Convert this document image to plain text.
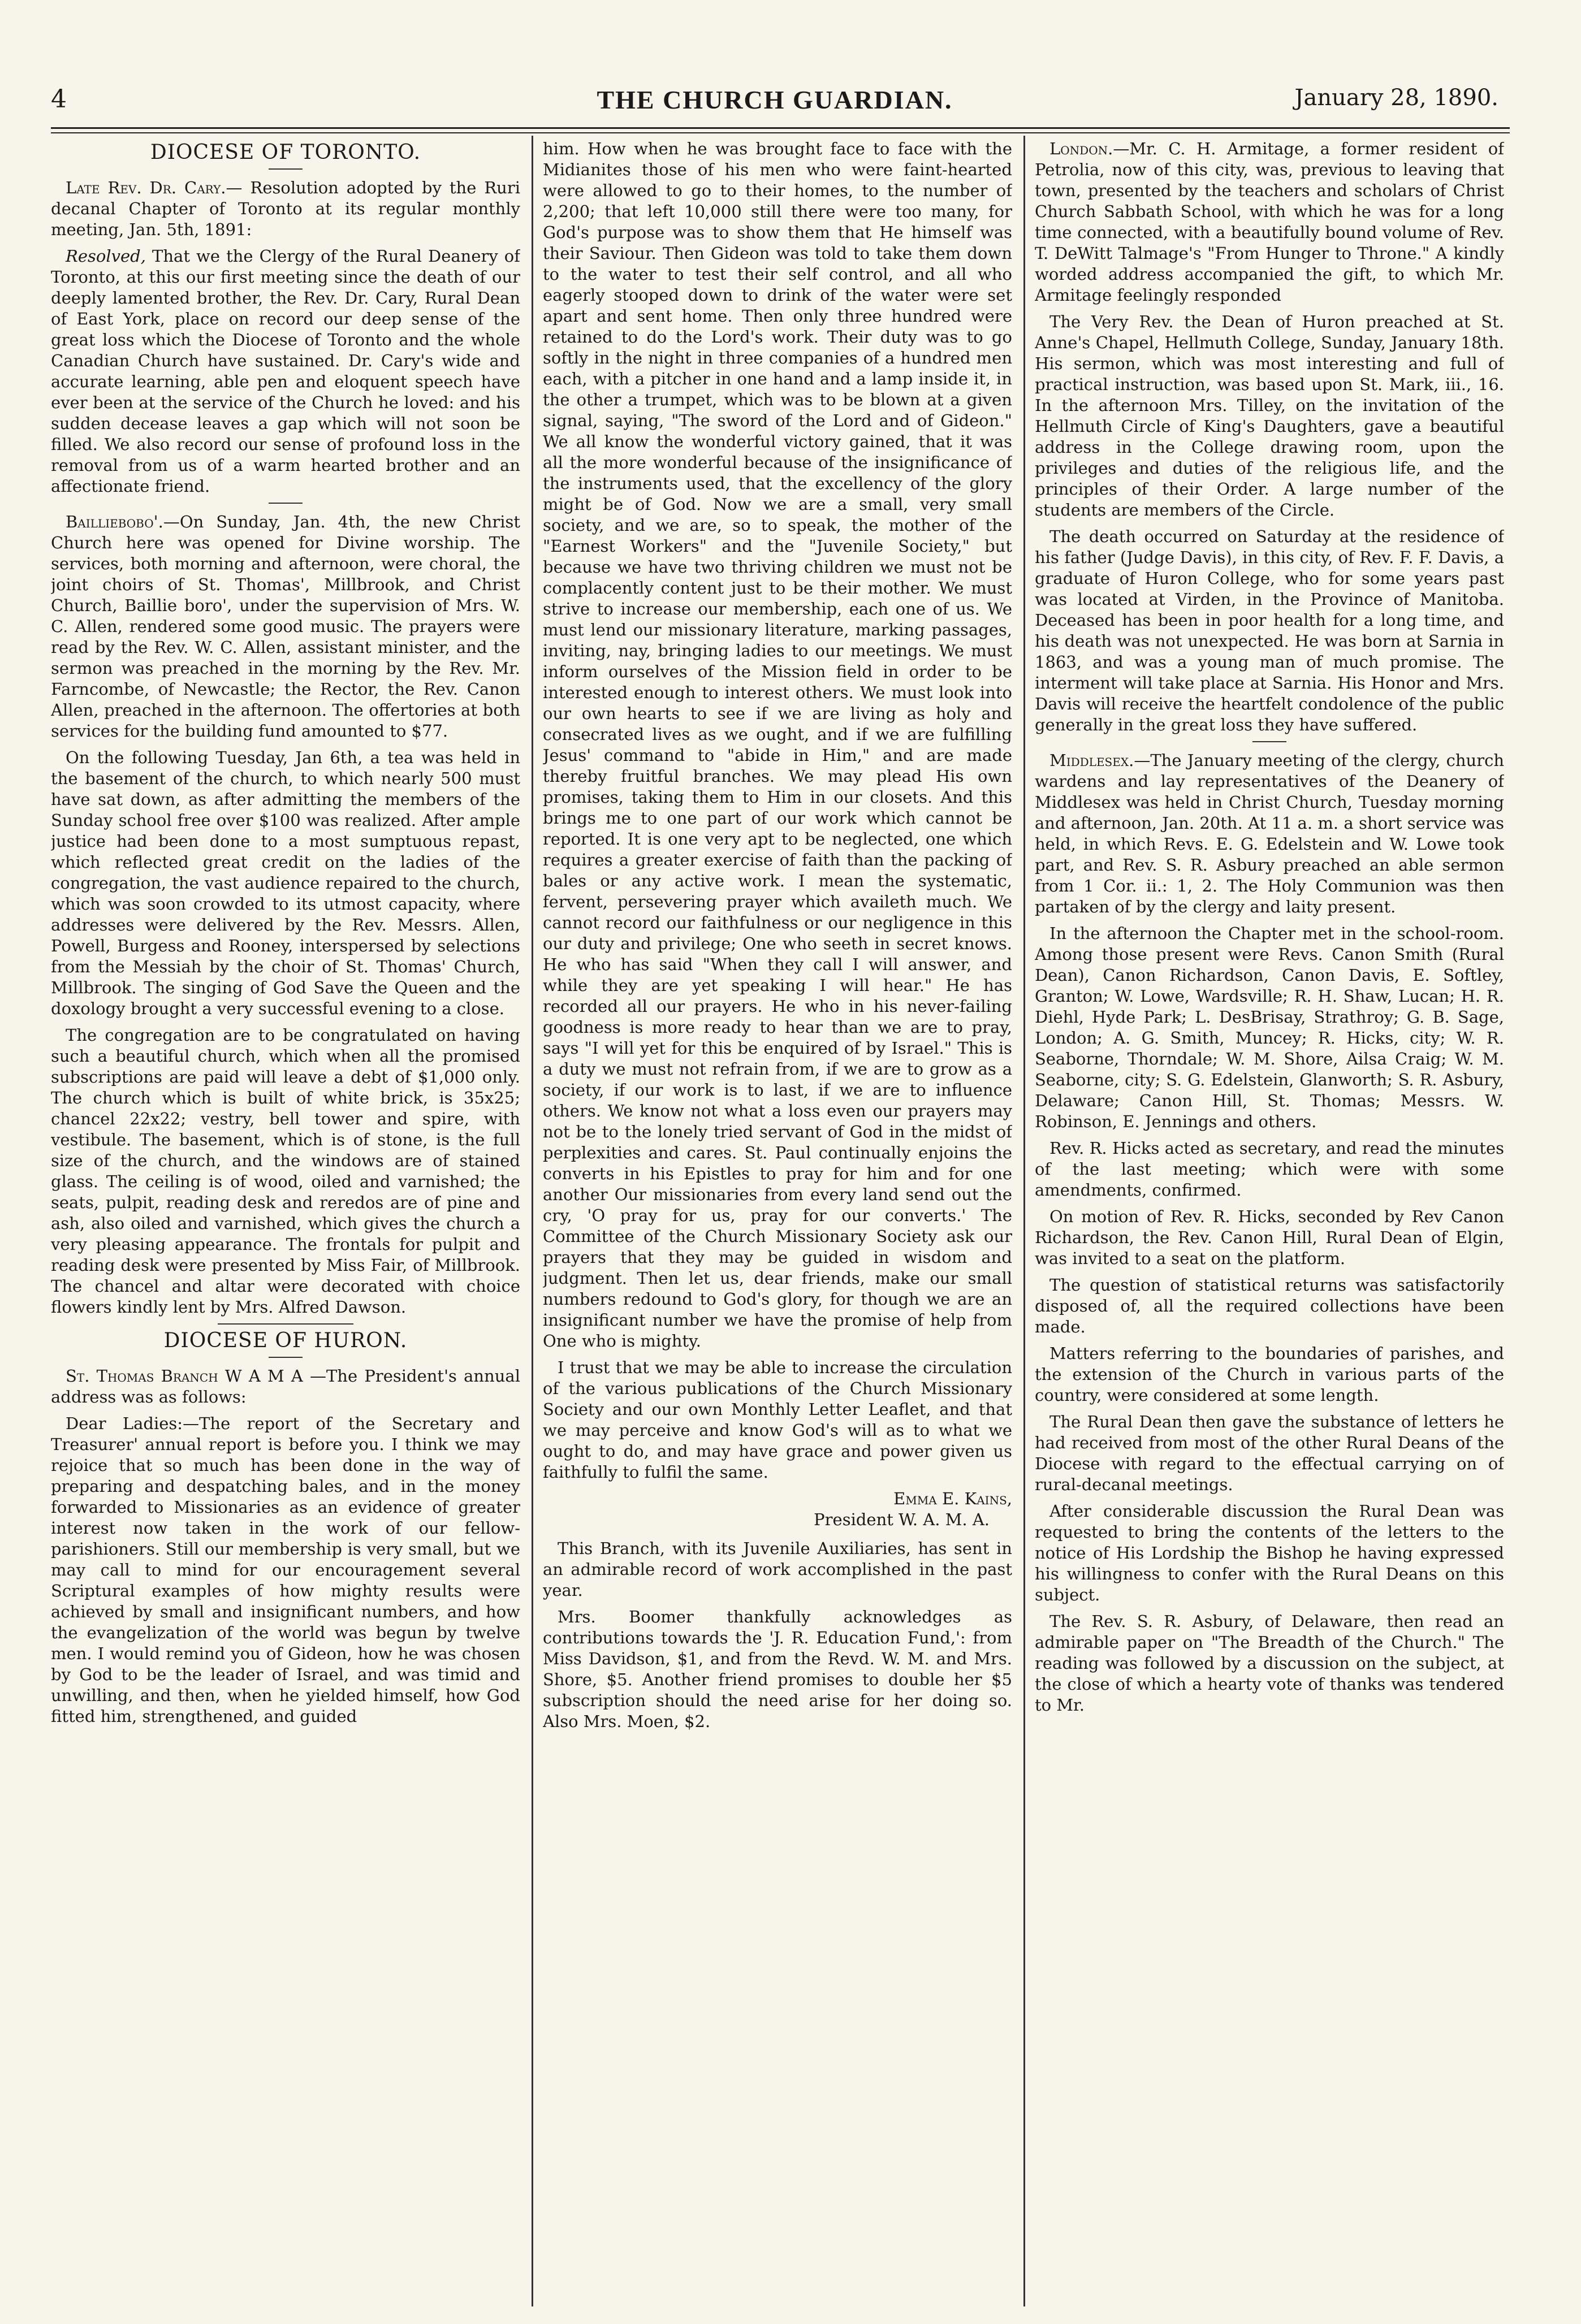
4	THE CHURCH GUARDIAN.	January 28, 1890.
DIOCESE OF TORONTO.

Late Rev. Dr. Cary.— Resolution adopted by the Ruri decanal Chapter of Toronto at its regular monthly meeting, Jan. 5th, 1891:

Resolved, That we the Clergy of the Rural Deanery of Toronto, at this our first meeting since the death of our deeply lamented brother, the Rev. Dr. Cary, Rural Dean of East York, place on record our deep sense of the great loss which the Diocese of Toronto and the whole Canadian Church have sustained. Dr. Cary's wide and accurate learning, able pen and eloquent speech have ever been at the service of the Church he loved: and his sudden decease leaves a gap which will not soon be filled. We also record our sense of profound loss in the removal from us of a warm hearted brother and an affectionate friend.

Bailliebobo'.—On Sunday, Jan. 4th, the new Christ Church here was opened for Divine worship. The services, both morning and afternoon, were choral, the joint choirs of St. Thomas', Millbrook, and Christ Church, Baillie boro', under the supervision of Mrs. W. C. Allen, rendered some good music. The prayers were read by the Rev. W. C. Allen, assistant minister, and the sermon was preached in the morning by the Rev. Mr. Farncombe, of Newcastle; the Rector, the Rev. Canon Allen, preached in the afternoon. The offertories at both services for the building fund amounted to $77.

On the following Tuesday, Jan 6th, a tea was held in the basement of the church, to which nearly 500 must have sat down, as after admitting the members of the Sunday school free over $100 was realized. After ample justice had been done to a most sumptuous repast, which reflected great credit on the ladies of the congregation, the vast audience repaired to the church, which was soon crowded to its utmost capacity, where addresses were delivered by the Rev. Messrs. Allen, Powell, Burgess and Rooney, interspersed by selections from the Messiah by the choir of St. Thomas' Church, Millbrook. The singing of God Save the Queen and the doxology brought a very successful evening to a close.

The congregation are to be congratulated on having such a beautiful church, which when all the promised subscriptions are paid will leave a debt of $1,000 only. The church which is built of white brick, is 35x25; chancel 22x22; vestry, bell tower and spire, with vestibule. The basement, which is of stone, is the full size of the church, and the windows are of stained glass. The ceiling is of wood, oiled and varnished; the seats, pulpit, reading desk and reredos are of pine and ash, also oiled and varnished, which gives the church a very pleasing appearance. The frontals for pulpit and reading desk were presented by Miss Fair, of Millbrook. The chancel and altar were decorated with choice flowers kindly lent by Mrs. Alfred Dawson.

DIOCESE OF HURON.

St. Thomas Branch W A M A —The President's annual address was as follows:

Dear Ladies:—The report of the Secretary and Treasurer' annual report is before you. I think we may rejoice that so much has been done in the way of preparing and despatching bales, and in the money forwarded to Missionaries as an evidence of greater interest now taken in the work of our fellow-parishioners. Still our membership is very small, but we may call to mind for our encouragement several Scriptural examples of how mighty results were achieved by small and insignificant numbers, and how the evangelization of the world was begun by twelve men. I would remind you of Gideon, how he was chosen by God to be the leader of Israel, and was timid and unwilling, and then, when he yielded himself, how God fitted him, strengthened, and guided

him. How when he was brought face to face with the Midianites those of his men who were faint-hearted were allowed to go to their homes, to the number of 2,200; that left 10,000 still there were too many, for God's purpose was to show them that He himself was their Saviour. Then Gideon was told to take them down to the water to test their self control, and all who eagerly stooped down to drink of the water were set apart and sent home. Then only three hundred were retained to do the Lord's work. Their duty was to go softly in the night in three companies of a hundred men each, with a pitcher in one hand and a lamp inside it, in the other a trumpet, which was to be blown at a given signal, saying, "The sword of the Lord and of Gideon." We all know the wonderful victory gained, that it was all the more wonderful because of the insignificance of the instruments used, that the excellency of the glory might be of God. Now we are a small, very small society, and we are, so to speak, the mother of the "Earnest Workers" and the "Juvenile Society," but because we have two thriving children we must not be complacently content just to be their mother. We must strive to increase our membership, each one of us. We must lend our missionary literature, marking passages, inviting, nay, bringing ladies to our meetings. We must inform ourselves of the Mission field in order to be interested enough to interest others. We must look into our own hearts to see if we are living as holy and consecrated lives as we ought, and if we are fulfilling Jesus' command to "abide in Him," and are made thereby fruitful branches. We may plead His own promises, taking them to Him in our closets. And this brings me to one part of our work which cannot be reported. It is one very apt to be neglected, one which requires a greater exercise of faith than the packing of bales or any active work. I mean the systematic, fervent, persevering prayer which availeth much. We cannot record our faithfulness or our negligence in this our duty and privilege; One who seeth in secret knows. He who has said "When they call I will answer, and while they are yet speaking I will hear." He has recorded all our prayers. He who in his never-failing goodness is more ready to hear than we are to pray, says "I will yet for this be enquired of by Israel." This is a duty we must not refrain from, if we are to grow as a society, if our work is to last, if we are to influence others. We know not what a loss even our prayers may not be to the lonely tried servant of God in the midst of perplexities and cares. St. Paul continually enjoins the converts in his Epistles to pray for him and for one another Our missionaries from every land send out the cry, 'O pray for us, pray for our converts.' The Committee of the Church Missionary Society ask our prayers that they may be guided in wisdom and judgment. Then let us, dear friends, make our small numbers redound to God's glory, for though we are an insignificant number we have the promise of help from One who is mighty.

I trust that we may be able to increase the circulation of the various publications of the Church Missionary Society and our own Monthly Letter Leaflet, and that we may perceive and know God's will as to what we ought to do, and may have grace and power given us faithfully to fulfil the same.

Emma E. Kains,

President W. A. M. A.

This Branch, with its Juvenile Auxiliaries, has sent in an admirable record of work accomplished in the past year.

Mrs. Boomer thankfully acknowledges as contributions towards the 'J. R. Education Fund,': from Miss Davidson, $1, and from the Revd. W. M. and Mrs. Shore, $5. Another friend promises to double her $5 subscription should the need arise for her doing so. Also Mrs. Moen, $2.

London.—Mr. C. H. Armitage, a former resident of Petrolia, now of this city, was, previous to leaving that town, presented by the teachers and scholars of Christ Church Sabbath School, with which he was for a long time connected, with a beautifully bound volume of Rev. T. DeWitt Talmage's "From Hunger to Throne." A kindly worded address accompanied the gift, to which Mr. Armitage feelingly responded

The Very Rev. the Dean of Huron preached at St. Anne's Chapel, Hellmuth College, Sunday, January 18th. His sermon, which was most interesting and full of practical instruction, was based upon St. Mark, iii., 16. In the afternoon Mrs. Tilley, on the invitation of the Hellmuth Circle of King's Daughters, gave a beautiful address in the College drawing room, upon the privileges and duties of the religious life, and the principles of their Order. A large number of the students are members of the Circle.

The death occurred on Saturday at the residence of his father (Judge Davis), in this city, of Rev. F. F. Davis, a graduate of Huron College, who for some years past was located at Virden, in the Province of Manitoba. Deceased has been in poor health for a long time, and his death was not unexpected. He was born at Sarnia in 1863, and was a young man of much promise. The interment will take place at Sarnia. His Honor and Mrs. Davis will receive the heartfelt condolence of the public generally in the great loss they have suffered.

Middlesex.—The January meeting of the clergy, church wardens and lay representatives of the Deanery of Middlesex was held in Christ Church, Tuesday morning and afternoon, Jan. 20th. At 11 a. m. a short service was held, in which Revs. E. G. Edelstein and W. Lowe took part, and Rev. S. R. Asbury preached an able sermon from 1 Cor. ii.: 1, 2. The Holy Communion was then partaken of by the clergy and laity present.

In the afternoon the Chapter met in the school-room. Among those present were Revs. Canon Smith (Rural Dean), Canon Richardson, Canon Davis, E. Softley, Granton; W. Lowe, Wardsville; R. H. Shaw, Lucan; H. R. Diehl, Hyde Park; L. DesBrisay, Strathroy; G. B. Sage, London; A. G. Smith, Muncey; R. Hicks, city; W. R. Seaborne, Thorndale; W. M. Shore, Ailsa Craig; W. M. Seaborne, city; S. G. Edelstein, Glanworth; S. R. Asbury, Delaware; Canon Hill, St. Thomas; Messrs. W. Robinson, E. Jennings and others.

Rev. R. Hicks acted as secretary, and read the minutes of the last meeting; which were with some amendments, confirmed.

On motion of Rev. R. Hicks, seconded by Rev Canon Richardson, the Rev. Canon Hill, Rural Dean of Elgin, was invited to a seat on the platform.

The question of statistical returns was satisfactorily disposed of, all the required collections have been made.

Matters referring to the boundaries of parishes, and the extension of the Church in various parts of the country, were considered at some length.

The Rural Dean then gave the substance of letters he had received from most of the other Rural Deans of the Diocese with regard to the effectual carrying on of rural-decanal meetings.

After considerable discussion the Rural Dean was requested to bring the contents of the letters to the notice of His Lordship the Bishop he having expressed his willingness to confer with the Rural Deans on this subject.

The Rev. S. R. Asbury, of Delaware, then read an admirable paper on "The Breadth of the Church." The reading was followed by a discussion on the subject, at the close of which a hearty vote of thanks was tendered to Mr.
